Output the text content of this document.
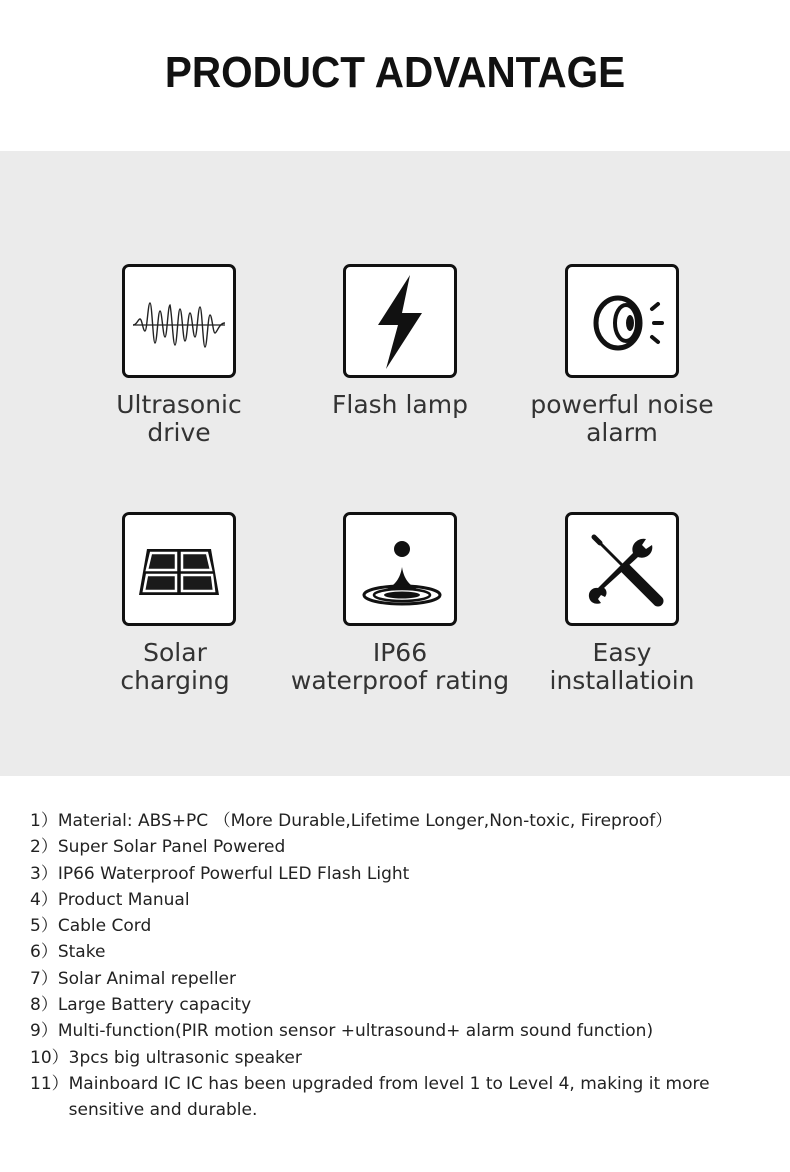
PRODUCT ADVANTAGE
Ultrasonic
drive
Flash lamp	powerful noise
alarm
Solar
charging
IP66
waterproof rating
Easy
installatioin
1） Material: ABS+PC （More Durable,Lifetime Longer,Non-toxic, Fireproof）
2） Super Solar Panel Powered
3） IP66 Waterproof Powerful LED Flash Light
4） Product Manual
5） Cable Cord
6） Stake
7） Solar Animal repeller
8） Large Battery capacity
9） Multi-function(PIR motion sensor +ultrasound+ alarm sound function)
10） 3pcs big ultrasonic speaker
11） Mainboard IC IC has been upgraded from level 1 to Level 4, making it more sensitive and durable.
